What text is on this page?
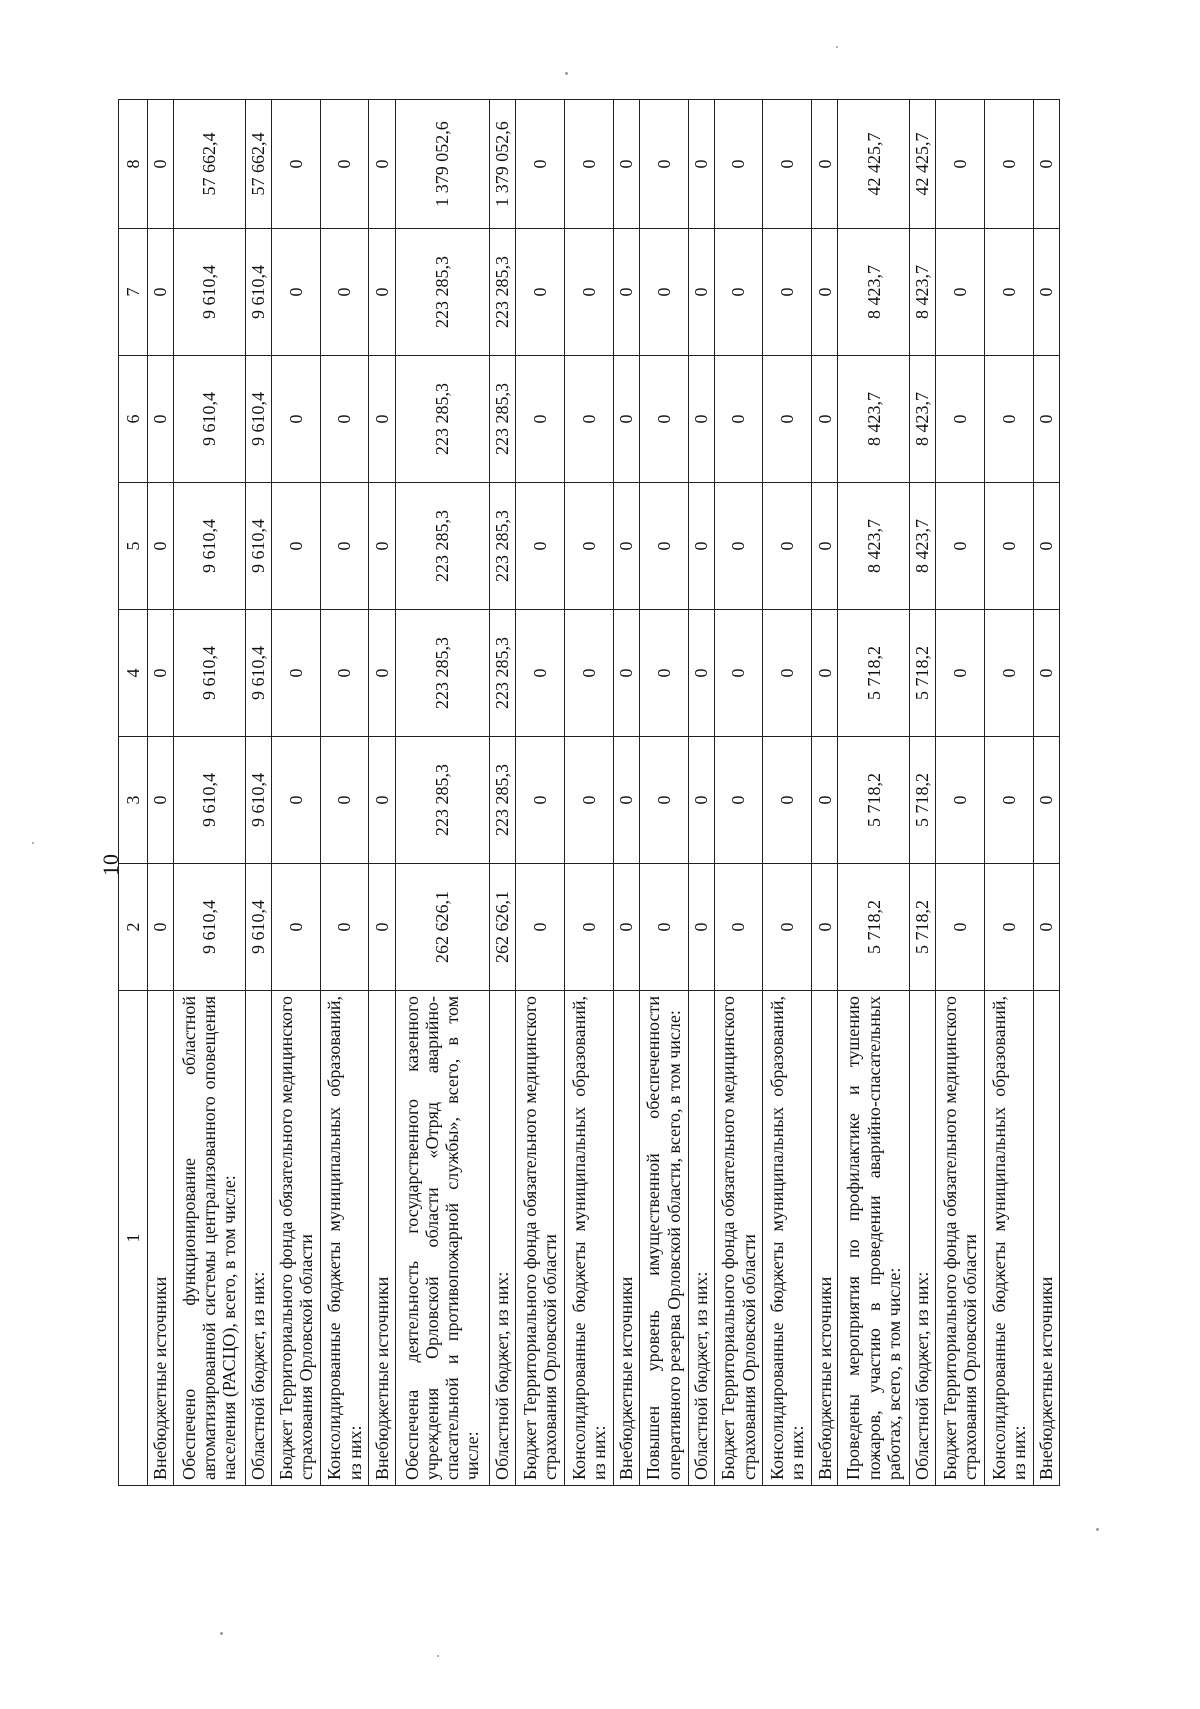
10
1	2	3	4	5	6	7	8
Внебюджетные источники	0	0	0	0	0	0	0
Обеспечено функционирование областной автоматизированной системы централизованного оповещения населения (РАСЦО), всего, в том числе:	9 610,4	9 610,4	9 610,4	9 610,4	9 610,4	9 610,4	57 662,4
Областной бюджет, из них:	9 610,4	9 610,4	9 610,4	9 610,4	9 610,4	9 610,4	57 662,4
Бюджет Территориального фонда обязательного медицинского страхования Орловской области	0	0	0	0	0	0	0
Консолидированные бюджеты муниципальных образований, из них:	0	0	0	0	0	0	0
Внебюджетные источники	0	0	0	0	0	0	0
Обеспечена деятельность государственного казенного учреждения Орловской области «Отряд аварийно-спасательной и противопожарной службы», всего, в том числе:	262 626,1	223 285,3	223 285,3	223 285,3	223 285,3	223 285,3	1 379 052,6
Областной бюджет, из них:	262 626,1	223 285,3	223 285,3	223 285,3	223 285,3	223 285,3	1 379 052,6
Бюджет Территориального фонда обязательного медицинского страхования Орловской области	0	0	0	0	0	0	0
Консолидированные бюджеты муниципальных образований, из них:	0	0	0	0	0	0	0
Внебюджетные источники	0	0	0	0	0	0	0
Повышен уровень имущественной обеспеченности оперативного резерва Орловской области, всего, в том числе:	0	0	0	0	0	0	0
Областной бюджет, из них:	0	0	0	0	0	0	0
Бюджет Территориального фонда обязательного медицинского страхования Орловской области	0	0	0	0	0	0	0
Консолидированные бюджеты муниципальных образований, из них:	0	0	0	0	0	0	0
Внебюджетные источники	0	0	0	0	0	0	0
Проведены мероприятия по профилактике и тушению пожаров, участию в проведении аварийно-спасательных работах, всего, в том числе:	5 718,2	5 718,2	5 718,2	8 423,7	8 423,7	8 423,7	42 425,7
Областной бюджет, из них:	5 718,2	5 718,2	5 718,2	8 423,7	8 423,7	8 423,7	42 425,7
Бюджет Территориального фонда обязательного медицинского страхования Орловской области	0	0	0	0	0	0	0
Консолидированные бюджеты муниципальных образований, из них:	0	0	0	0	0	0	0
Внебюджетные источники	0	0	0	0	0	0	0
